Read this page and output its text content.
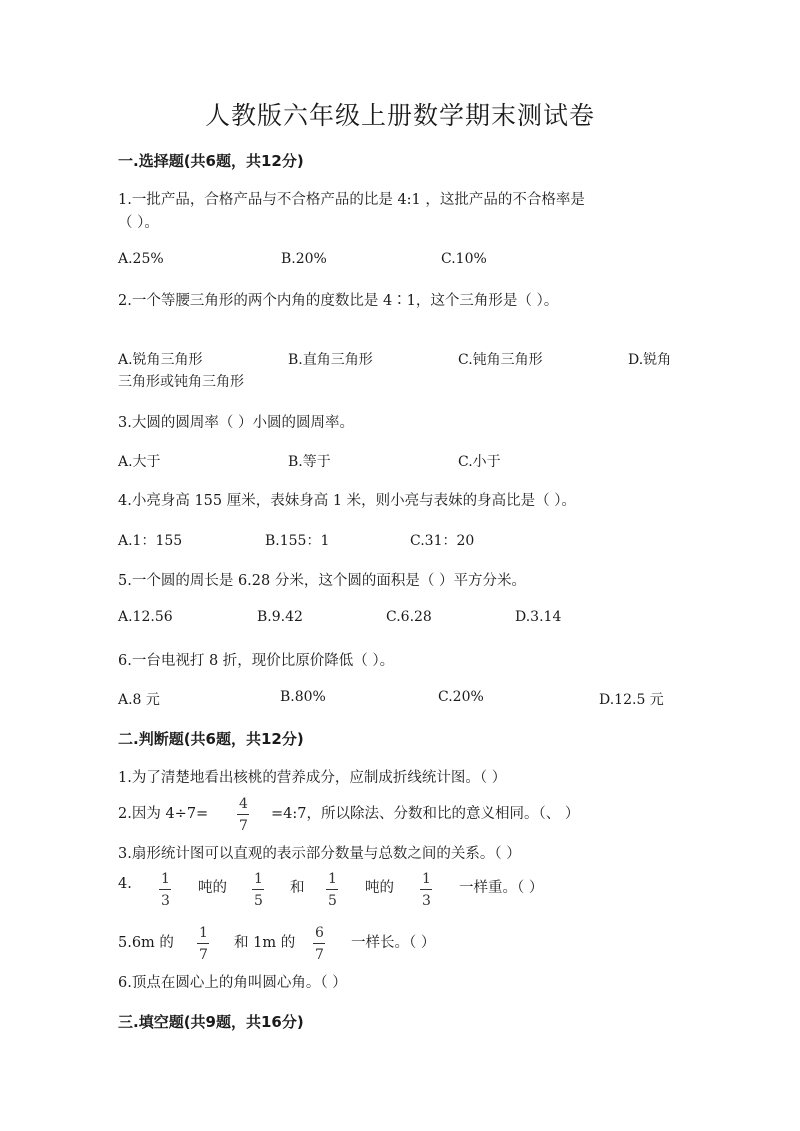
人教版六年级上册数学期末测试卷
一.选择题(共6题，共12分)
1.一批产品，合格产品与不合格产品的比是 4:1 ，这批产品的不合格率是
（ ）。
A.25%	B.20%	C.10%
2.一个等腰三角形的两个内角的度数比是 4∶1，这个三角形是（ ）。
A.锐角三角形	B.直角三角形	C.钝角三角形	D.锐角
三角形或钝角三角形
3.大圆的圆周率（ ）小圆的圆周率。
A.大于	B.等于	C.小于
4.小亮身高 155 厘米，表妹身高 1 米，则小亮与表妹的身高比是（ ）。
A.1：155	B.155：1	C.31：20
5.一个圆的周长是 6.28 分米，这个圆的面积是（ ）平方分米。
A.12.56	B.9.42	C.6.28	D.3.14
6.一台电视打 8 折，现价比原价降低（ ）。
A.8 元	B.80%	C.20%	D.12.5 元
二.判断题(共6题，共12分)
1.为了清楚地看出核桃的营养成分，应制成折线统计图。（ ）
2.因为 4÷7=
4
7
=4:7，所以除法、分数和比的意义相同。（、 ）
3.扇形统计图可以直观的表示部分数量与总数之间的关系。（ ）
4. 1
3
吨的
1
5
和
1
5
吨的
1
3
一样重。（ ）
5.6m 的
1
7
和 1m 的
6
7
一样长。（ ）
6.顶点在圆心上的角叫圆心角。（ ）
三.填空题(共9题，共16分)
